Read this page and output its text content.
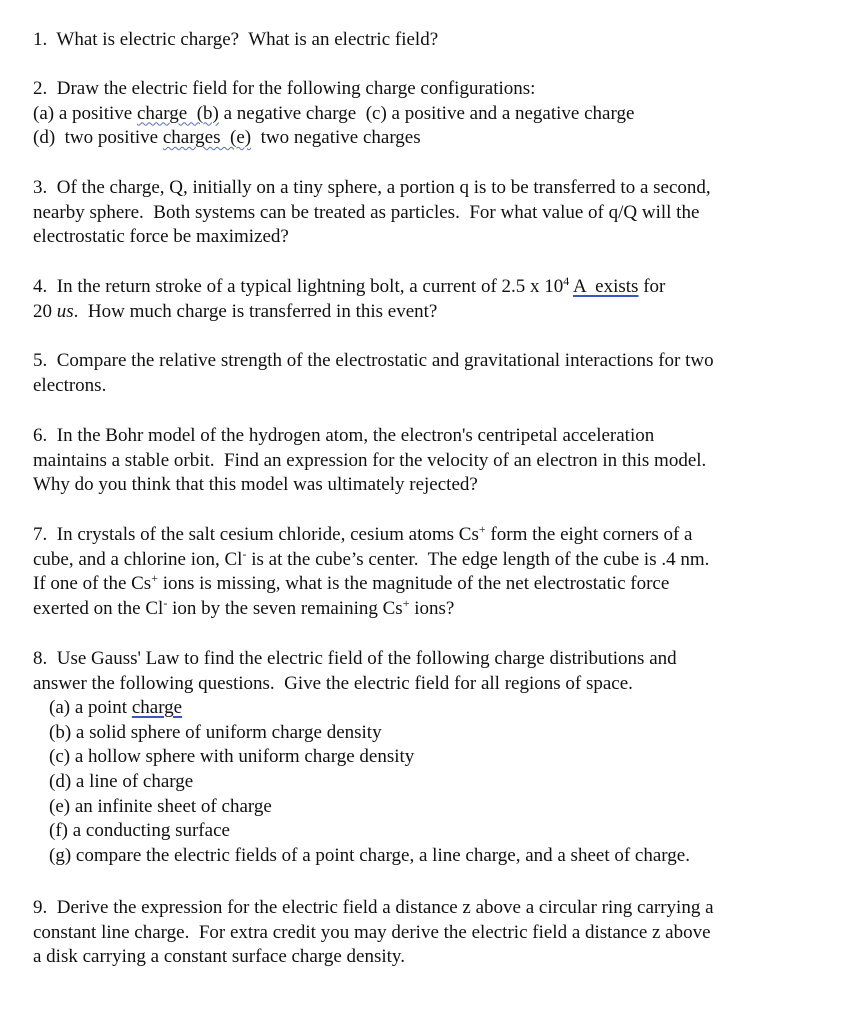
1.  What is electric charge?  What is an electric field?
2.  Draw the electric field for the following charge configurations:
(a) a positive charge  (b) a negative charge  (c) a positive and a negative charge
(d)  two positive charges  (e)  two negative charges
3.  Of the charge, Q, initially on a tiny sphere, a portion q is to be transferred to a second,
nearby sphere.  Both systems can be treated as particles.  For what value of q/Q will the
electrostatic force be maximized?
4.  In the return stroke of a typical lightning bolt, a current of 2.5 x $10^4$ A  exists for
20 us.  How much charge is transferred in this event?
5.  Compare the relative strength of the electrostatic and gravitational interactions for two
electrons.
6.  In the Bohr model of the hydrogen atom, the electron's centripetal acceleration
maintains a stable orbit.  Find an expression for the velocity of an electron in this model.
Why do you think that this model was ultimately rejected?
7.  In crystals of the salt cesium chloride, cesium atoms Cs+ form the eight corners of a
cube, and a chlorine ion, Cl- is at the cube’s center.  The edge length of the cube is .4 nm.
If one of the Cs+ ions is missing, what is the magnitude of the net electrostatic force
exerted on the Cl- ion by the seven remaining Cs+ ions?
8.  Use Gauss' Law to find the electric field of the following charge distributions and
answer the following questions.  Give the electric field for all regions of space.
(a) a point charge
(b) a solid sphere of uniform charge density
(c) a hollow sphere with uniform charge density
(d) a line of charge
(e) an infinite sheet of charge
(f) a conducting surface
(g) compare the electric fields of a point charge, a line charge, and a sheet of charge.
9.  Derive the expression for the electric field a distance z above a circular ring carrying a
constant line charge.  For extra credit you may derive the electric field a distance z above
a disk carrying a constant surface charge density.
